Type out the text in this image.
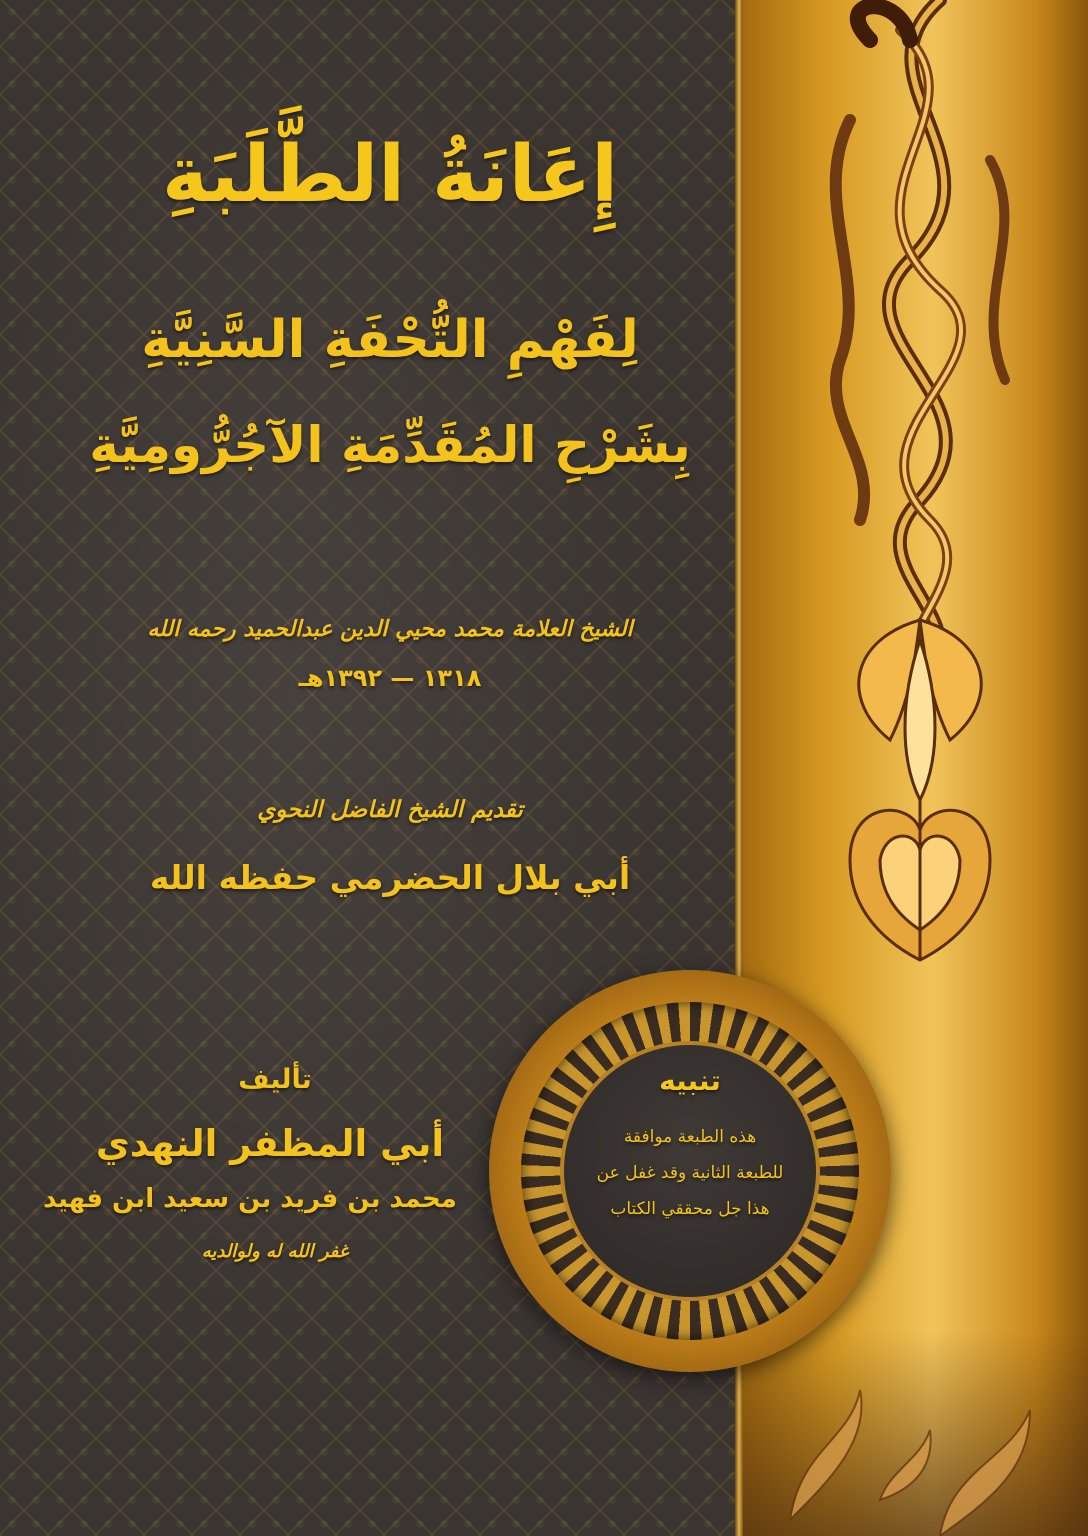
إِعَانَةُ الطَّلَبَةِ
لِفَهْمِ التُّحْفَةِ السَّنِيَّةِ
بِشَرْحِ المُقَدِّمَةِ الآجُرُّومِيَّةِ
الشيخ العلامة محمد محيي الدين عبدالحميد رحمه الله
١٣١٨ — ١٣٩٢هـ
تقديم الشيخ الفاضل النحوي
أبي بلال الحضرمي حفظه الله
تأليف
أبي المظفر النهدي
محمد بن فريد بن سعيد ابن فهيد
غفر الله له ولوالديه
تنبيه
هذه الطبعة موافقة
للطبعة الثانية وقد غفل عن
هذا جل محققي الكتاب
